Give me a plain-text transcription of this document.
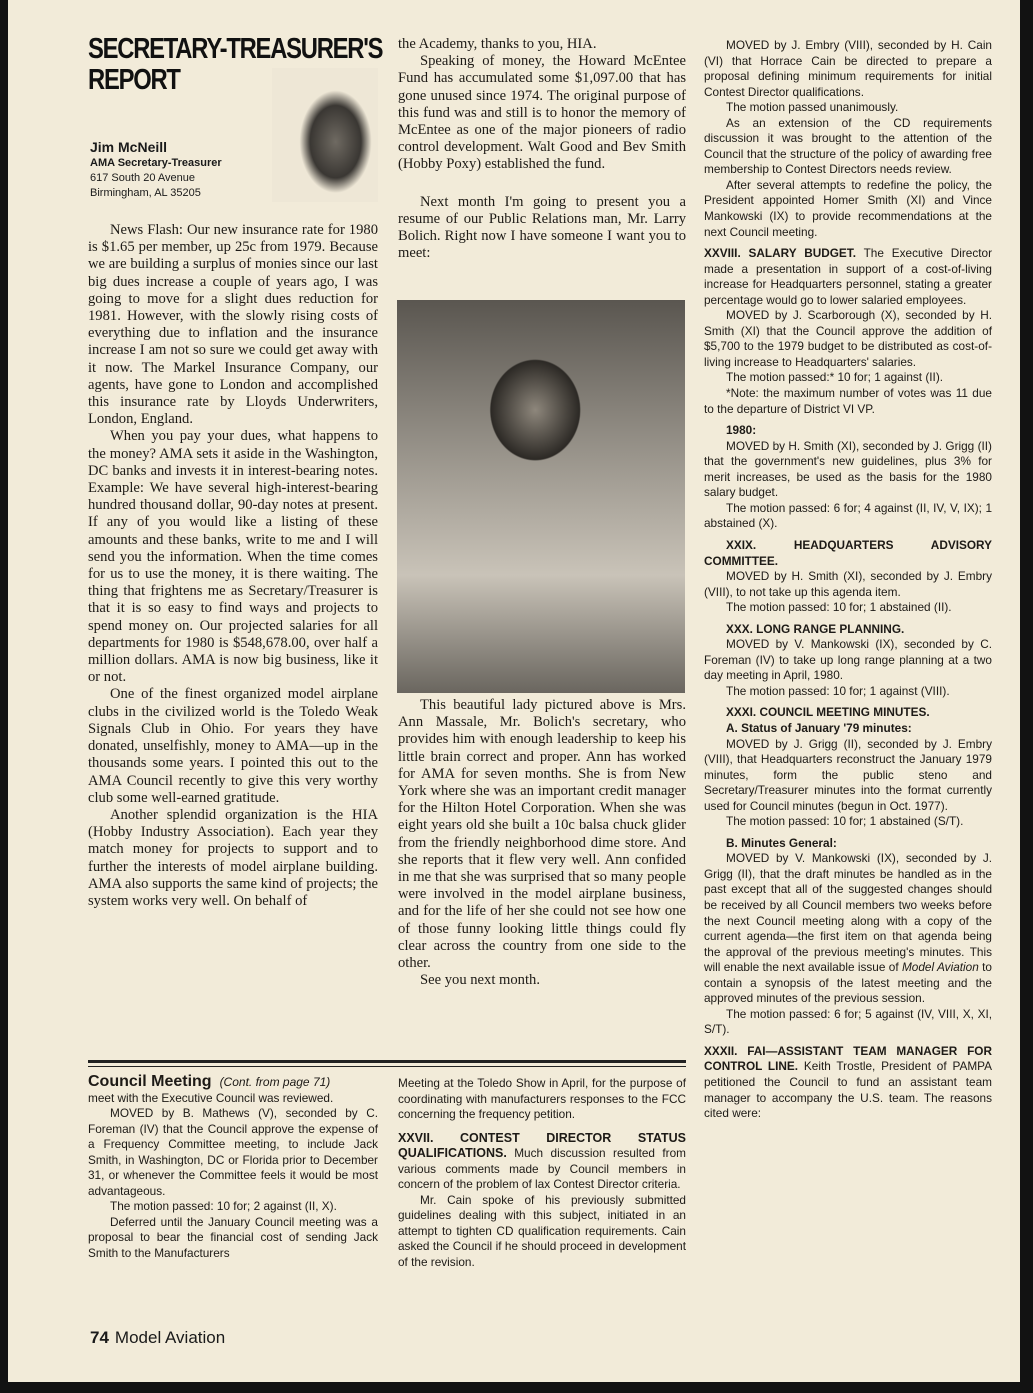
SECRETARY-TREASURER'S REPORT
Jim McNeill
AMA Secretary-Treasurer
617 South 20 Avenue
Birmingham, AL 35205

News Flash: Our new insurance rate for 1980 is $1.65 per member, up 25c from 1979. Because we are building a surplus of monies since our last big dues increase a couple of years ago, I was going to move for a slight dues reduction for 1981. However, with the slowly rising costs of everything due to inflation and the insurance increase I am not so sure we could get away with it now. The Markel Insurance Company, our agents, have gone to London and accomplished this insurance rate by Lloyds Underwriters, London, England.

When you pay your dues, what happens to the money? AMA sets it aside in the Washington, DC banks and invests it in interest-bearing notes. Example: We have several high-interest-bearing hundred thousand dollar, 90-day notes at present. If any of you would like a listing of these amounts and these banks, write to me and I will send you the information. When the time comes for us to use the money, it is there waiting. The thing that frightens me as Secretary/Treasurer is that it is so easy to find ways and projects to spend money on. Our projected salaries for all departments for 1980 is $548,678.00, over half a million dollars. AMA is now big business, like it or not.

One of the finest organized model airplane clubs in the civilized world is the Toledo Weak Signals Club in Ohio. For years they have donated, unselfishly, money to AMA—up in the thousands some years. I pointed this out to the AMA Council recently to give this very worthy club some well-earned gratitude.

Another splendid organization is the HIA (Hobby Industry Association). Each year they match money for projects to support and to further the interests of model airplane building. AMA also supports the same kind of projects; the system works very well. On behalf of

the Academy, thanks to you, HIA.

Speaking of money, the Howard McEntee Fund has accumulated some $1,097.00 that has gone unused since 1974. The original purpose of this fund was and still is to honor the memory of McEntee as one of the major pioneers of radio control development. Walt Good and Bev Smith (Hobby Poxy) established the fund.

Next month I'm going to present you a resume of our Public Relations man, Mr. Larry Bolich. Right now I have someone I want you to meet:

This beautiful lady pictured above is Mrs. Ann Massale, Mr. Bolich's secretary, who provides him with enough leadership to keep his little brain correct and proper. Ann has worked for AMA for seven months. She is from New York where she was an important credit manager for the Hilton Hotel Corporation. When she was eight years old she built a 10c balsa chuck glider from the friendly neighborhood dime store. And she reports that it flew very well. Ann confided in me that she was surprised that so many people were involved in the model airplane business, and for the life of her she could not see how one of those funny looking little things could fly clear across the country from one side to the other.

See you next month.

Council Meeting (Cont. from page 71)

meet with the Executive Council was reviewed.

MOVED by B. Mathews (V), seconded by C. Foreman (IV) that the Council approve the expense of a Frequency Committee meeting, to include Jack Smith, in Washington, DC or Florida prior to December 31, or whenever the Committee feels it would be most advantageous.

The motion passed: 10 for; 2 against (II, X).

Deferred until the January Council meeting was a proposal to bear the financial cost of sending Jack Smith to the Manufacturers

Meeting at the Toledo Show in April, for the purpose of coordinating with manufacturers responses to the FCC concerning the frequency petition.

XXVII. CONTEST DIRECTOR STATUS QUALIFICATIONS. Much discussion resulted from various comments made by Council members in concern of the problem of lax Contest Director criteria.

Mr. Cain spoke of his previously submitted guidelines dealing with this subject, initiated in an attempt to tighten CD qualification requirements. Cain asked the Council if he should proceed in development of the revision.

MOVED by J. Embry (VIII), seconded by H. Cain (VI) that Horrace Cain be directed to prepare a proposal defining minimum requirements for initial Contest Director qualifications.

The motion passed unanimously.

As an extension of the CD requirements discussion it was brought to the attention of the Council that the structure of the policy of awarding free membership to Contest Directors needs review.

After several attempts to redefine the policy, the President appointed Homer Smith (XI) and Vince Mankowski (IX) to provide recommendations at the next Council meeting.

XXVIII. SALARY BUDGET. The Executive Director made a presentation in support of a cost-of-living increase for Headquarters personnel, stating a greater percentage would go to lower salaried employees.

MOVED by J. Scarborough (X), seconded by H. Smith (XI) that the Council approve the addition of $5,700 to the 1979 budget to be distributed as cost-of-living increase to Headquarters' salaries.

The motion passed:* 10 for; 1 against (II).

*Note: the maximum number of votes was 11 due to the departure of District VI VP.

1980:

MOVED by H. Smith (XI), seconded by J. Grigg (II) that the government's new guidelines, plus 3% for merit increases, be used as the basis for the 1980 salary budget.

The motion passed: 6 for; 4 against (II, IV, V, IX); 1 abstained (X).

XXIX. HEADQUARTERS ADVISORY COMMITTEE.

MOVED by H. Smith (XI), seconded by J. Embry (VIII), to not take up this agenda item.

The motion passed: 10 for; 1 abstained (II).

XXX. LONG RANGE PLANNING.

MOVED by V. Mankowski (IX), seconded by C. Foreman (IV) to take up long range planning at a two day meeting in April, 1980.

The motion passed: 10 for; 1 against (VIII).

XXXI. COUNCIL MEETING MINUTES.

A. Status of January '79 minutes:

MOVED by J. Grigg (II), seconded by J. Embry (VIII), that Headquarters reconstruct the January 1979 minutes, form the public steno and Secretary/Treasurer minutes into the format currently used for Council minutes (begun in Oct. 1977).

The motion passed: 10 for; 1 abstained (S/T).

B. Minutes General:

MOVED by V. Mankowski (IX), seconded by J. Grigg (II), that the draft minutes be handled as in the past except that all of the suggested changes should be received by all Council members two weeks before the next Council meeting along with a copy of the current agenda—the first item on that agenda being the approval of the previous meeting's minutes. This will enable the next available issue of Model Aviation to contain a synopsis of the latest meeting and the approved minutes of the previous session.

The motion passed: 6 for; 5 against (IV, VIII, X, XI, S/T).

XXXII. FAI—ASSISTANT TEAM MANAGER FOR CONTROL LINE. Keith Trostle, President of PAMPA petitioned the Council to fund an assistant team manager to accompany the U.S. team. The reasons cited were:

74 Model Aviation
